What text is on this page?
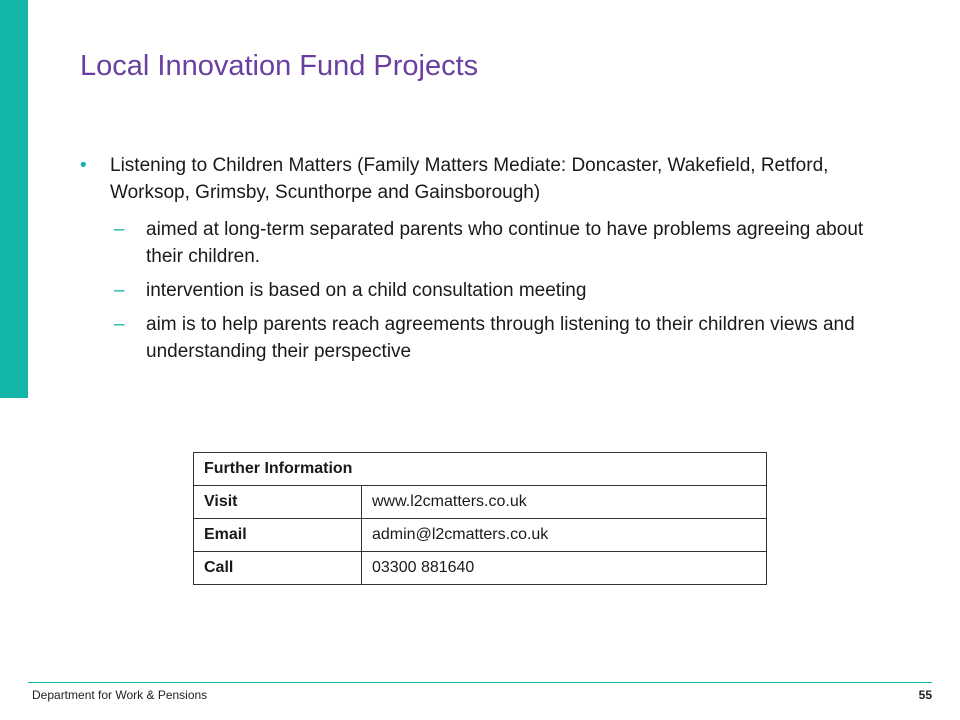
Local Innovation Fund Projects

• Listening to Children Matters (Family Matters Mediate: Doncaster, Wakefield, Retford, Worksop, Grimsby, Scunthorpe and Gainsborough)

– aimed at long-term separated parents who continue to have problems agreeing about their children.

– intervention is based on a child consultation meeting

– aim is to help parents reach agreements through listening to their children views and understanding their perspective

Further Information	
Visit	www.l2cmatters.co.uk
Email	admin@l2cmatters.co.uk
Call	03300 881640
Department for Work & Pensions	55
